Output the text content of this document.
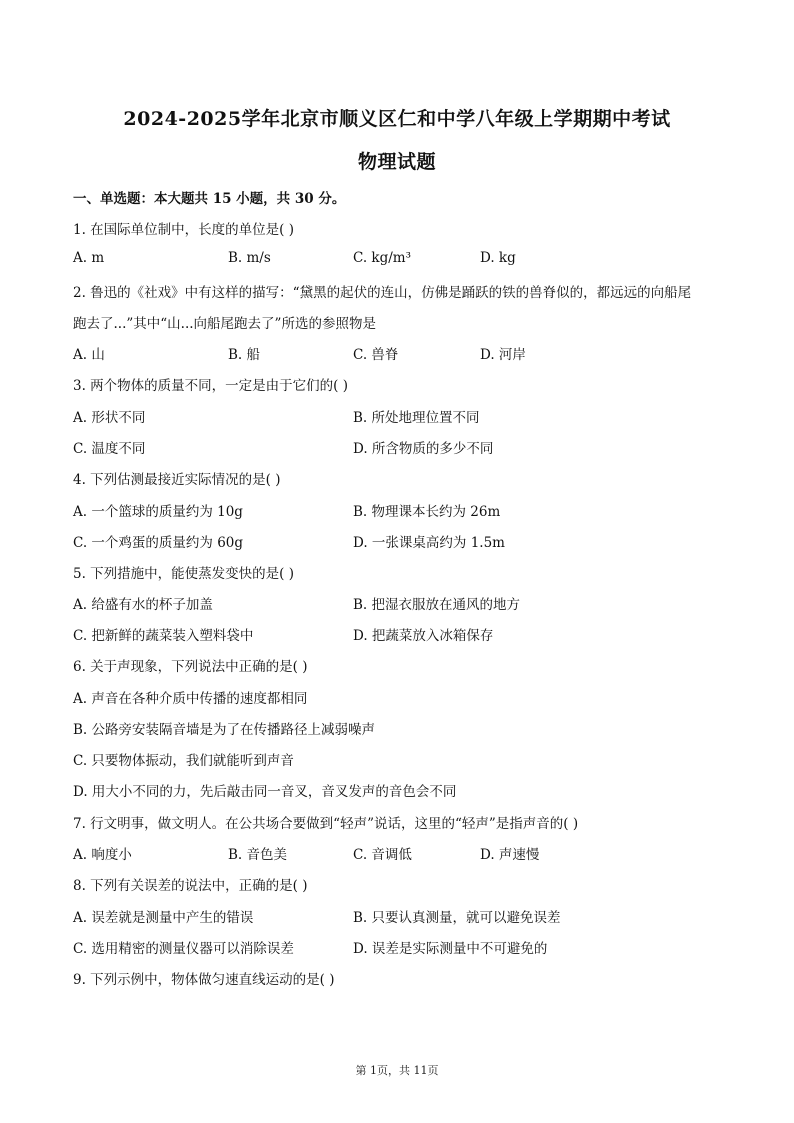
2024-2025学年北京市顺义区仁和中学八年级上学期期中考试
物理试题
一、单选题：本大题共 15 小题，共 30 分。
1. 在国际单位制中，长度的单位是( )
A. m	B. m/s	C. kg/m³	D. kg
2. 鲁迅的《社戏》中有这样的描写：“黛黑的起伏的连山，仿佛是踊跃的铁的兽脊似的，都远远的向船尾
跑去了...”其中“山...向船尾跑去了”所选的参照物是
A. 山	B. 船	C. 兽脊	D. 河岸
3. 两个物体的质量不同，一定是由于它们的( )
A. 形状不同	B. 所处地理位置不同
C. 温度不同	D. 所含物质的多少不同
4. 下列估测最接近实际情况的是( )
A. 一个篮球的质量约为 10g	B. 物理课本长约为 26m
C. 一个鸡蛋的质量约为 60g	D. 一张课桌高约为 1.5m
5. 下列措施中，能使蒸发变快的是( )
A. 给盛有水的杯子加盖	B. 把湿衣服放在通风的地方
C. 把新鲜的蔬菜装入塑料袋中	D. 把蔬菜放入冰箱保存
6. 关于声现象，下列说法中正确的是( )
A. 声音在各种介质中传播的速度都相同
B. 公路旁安装隔音墙是为了在传播路径上减弱噪声
C. 只要物体振动，我们就能听到声音
D. 用大小不同的力，先后敲击同一音叉，音叉发声的音色会不同
7. 行文明事，做文明人。在公共场合要做到“轻声”说话，这里的“轻声”是指声音的( )
A. 响度小	B. 音色美	C. 音调低	D. 声速慢
8. 下列有关误差的说法中，正确的是( )
A. 误差就是测量中产生的错误	B. 只要认真测量，就可以避免误差
C. 选用精密的测量仪器可以消除误差	D. 误差是实际测量中不可避免的
9. 下列示例中，物体做匀速直线运动的是( )
第 1页，共 11页
